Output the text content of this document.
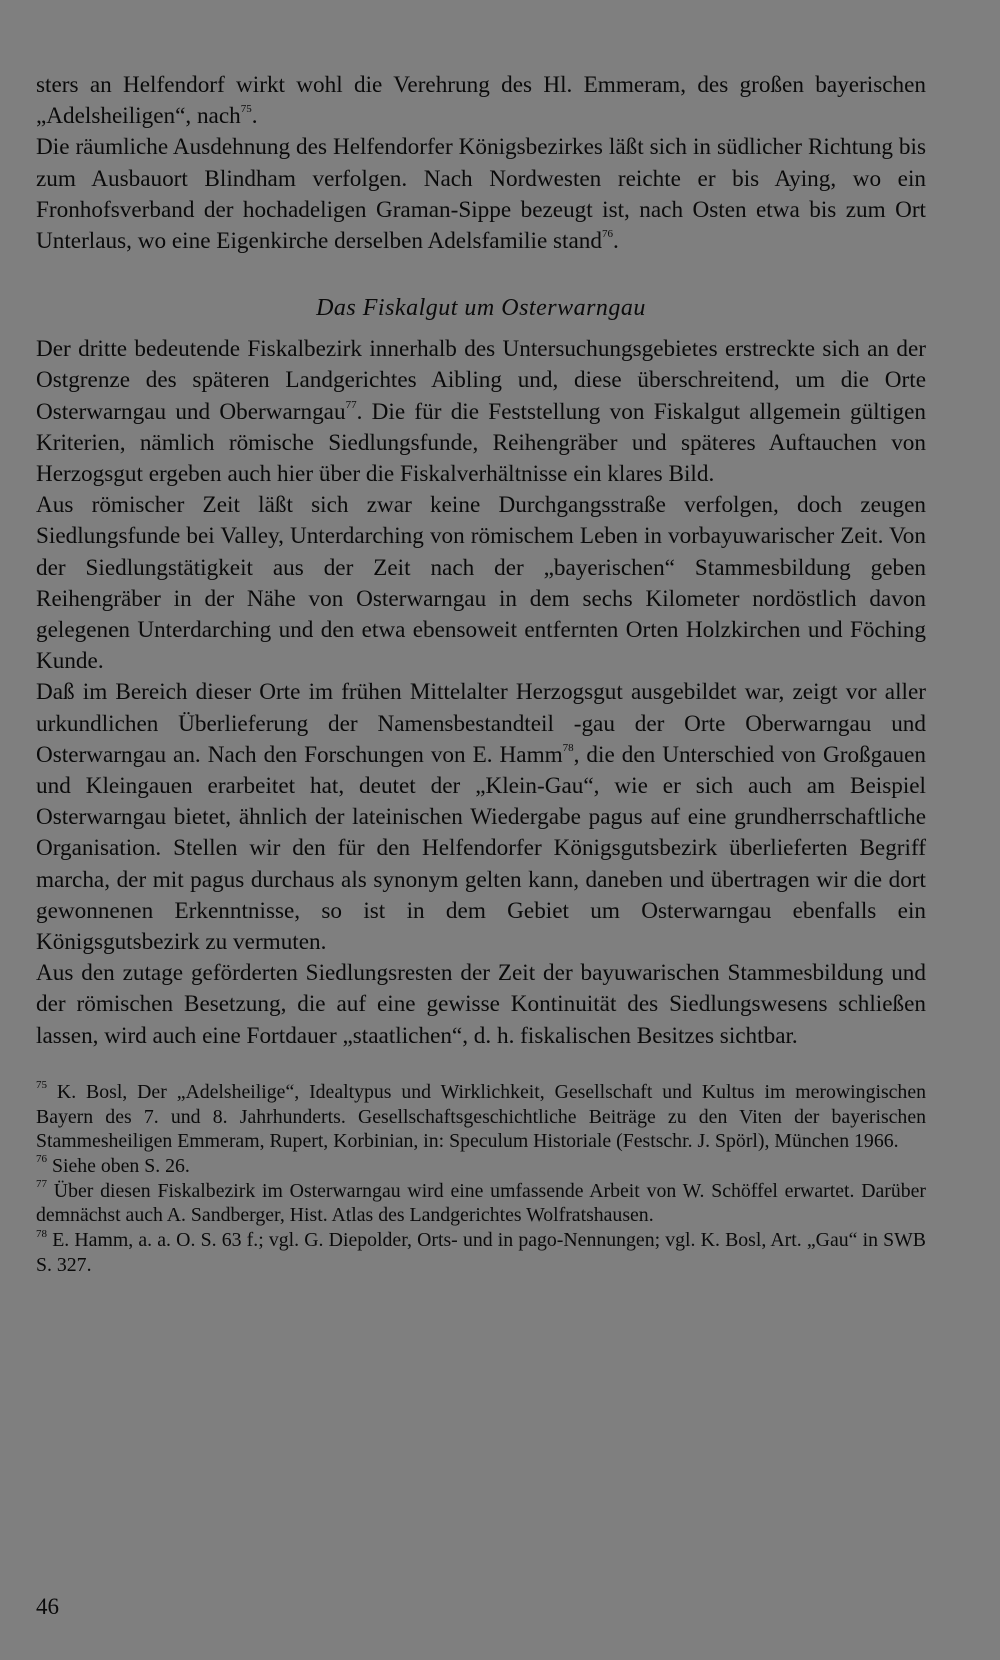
sters an Helfendorf wirkt wohl die Verehrung des Hl. Emmeram, des großen bayerischen „Adelsheiligen“, nach$^{75}$.

Die räumliche Ausdehnung des Helfendorfer Königsbezirkes läßt sich in südlicher Richtung bis zum Ausbauort Blindham verfolgen. Nach Nordwesten reichte er bis Aying, wo ein Fronhofsverband der hochadeligen Graman-Sippe bezeugt ist, nach Osten etwa bis zum Ort Unterlaus, wo eine Eigenkirche derselben Adelsfamilie stand$^{76}$.

Das Fiskalgut um Osterwarngau

Der dritte bedeutende Fiskalbezirk innerhalb des Untersuchungsgebietes erstreckte sich an der Ostgrenze des späteren Landgerichtes Aibling und, diese überschreitend, um die Orte Osterwarngau und Oberwarngau$^{77}$. Die für die Feststellung von Fiskalgut allgemein gültigen Kriterien, nämlich römische Siedlungsfunde, Reihengräber und späteres Auftauchen von Herzogsgut ergeben auch hier über die Fiskalverhältnisse ein klares Bild.

Aus römischer Zeit läßt sich zwar keine Durchgangsstraße verfolgen, doch zeugen Siedlungsfunde bei Valley, Unterdarching von römischem Leben in vorbayuwarischer Zeit. Von der Siedlungstätigkeit aus der Zeit nach der „bayerischen“ Stammesbildung geben Reihengräber in der Nähe von Osterwarngau in dem sechs Kilometer nordöstlich davon gelegenen Unterdarching und den etwa ebensoweit entfernten Orten Holzkirchen und Föching Kunde.

Daß im Bereich dieser Orte im frühen Mittelalter Herzogsgut ausgebildet war, zeigt vor aller urkundlichen Überlieferung der Namensbestandteil -gau der Orte Oberwarngau und Osterwarngau an. Nach den Forschungen von E. Hamm$^{78}$, die den Unterschied von Großgauen und Kleingauen erarbeitet hat, deutet der „Klein-Gau“, wie er sich auch am Beispiel Osterwarngau bietet, ähnlich der lateinischen Wiedergabe pagus auf eine grundherrschaftliche Organisation. Stellen wir den für den Helfendorfer Königsgutsbezirk überlieferten Begriff marcha, der mit pagus durchaus als synonym gelten kann, daneben und übertragen wir die dort gewonnenen Erkenntnisse, so ist in dem Gebiet um Osterwarngau ebenfalls ein Königsgutsbezirk zu vermuten.

Aus den zutage geförderten Siedlungsresten der Zeit der bayuwarischen Stammesbildung und der römischen Besetzung, die auf eine gewisse Kontinuität des Siedlungswesens schließen lassen, wird auch eine Fortdauer „staatlichen“, d. h. fiskalischen Besitzes sichtbar.

$^{75}$ K. Bosl, Der „Adelsheilige“, Idealtypus und Wirklichkeit, Gesellschaft und Kultus im merowingischen Bayern des 7. und 8. Jahrhunderts. Gesellschaftsgeschichtliche Beiträge zu den Viten der bayerischen Stammesheiligen Emmeram, Rupert, Korbinian, in: Speculum Historiale (Festschr. J. Spörl), München 1966.

$^{76}$ Siehe oben S. 26.

$^{77}$ Über diesen Fiskalbezirk im Osterwarngau wird eine umfassende Arbeit von W. Schöffel erwartet. Darüber demnächst auch A. Sandberger, Hist. Atlas des Landgerichtes Wolfratshausen.

$^{78}$ E. Hamm, a. a. O. S. 63 f.; vgl. G. Diepolder, Orts- und in pago-Nennungen; vgl. K. Bosl, Art. „Gau“ in SWB S. 327.

46
